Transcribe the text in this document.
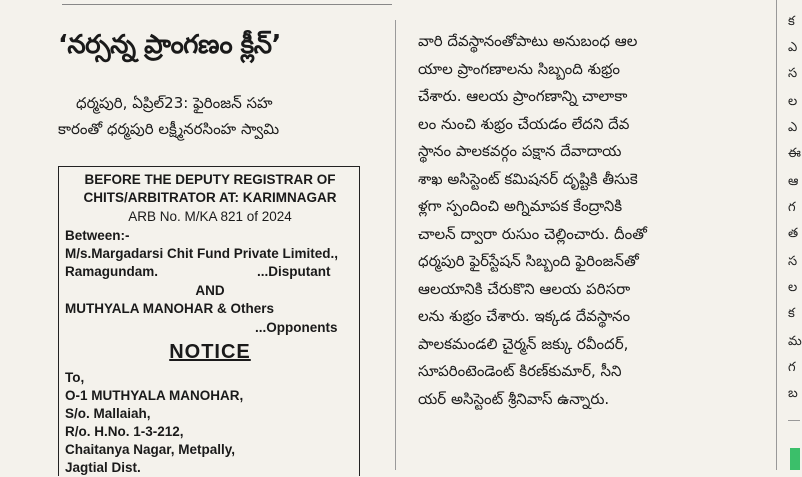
‘నర్సన్న ప్రాంగణం క్లీన్’
ధర్మపురి, ఏప్రిల్23: ఫైరింజన్ సహ
కారంతో ధర్మపురి లక్ష్మీనరసింహ స్వామి
BEFORE THE DEPUTY REGISTRAR OF
CHITS/ARBITRATOR AT: KARIMNAGAR
ARB No. M/KA 821 of 2024
Between:-
M/s.Margadarsi Chit Fund Private Limited.,
Ramagundam.	...Disputant
AND
MUTHYALA MANOHAR & Others
...Opponents
NOTICE
To,
O-1 MUTHYALA MANOHAR,
S/o. Mallaiah,
R/o. H.No. 1-3-212,
Chaitanya Nagar, Metpally,
Jagtial Dist.
వారి దేవస్థానంతోపాటు అనుబంధ ఆల
యాల ప్రాంగణాలను సిబ్బంది శుభ్రం
చేశారు. ఆలయ ప్రాంగణాన్ని చాలాకా
లం నుంచి శుభ్రం చేయడం లేదని దేవ
స్థానం పాలకవర్గం పక్షాన దేవాదాయ
శాఖ అసిస్టెంట్ కమిషనర్ దృష్టికి తీసుకె
ళ్లగా స్పందించి అగ్నిమాపక కేంద్రానికి
చాలన్ ద్వారా రుసుం చెల్లించారు. దీంతో
ధర్మపురి ఫైర్‌స్టేషన్ సిబ్బంది ఫైరింజన్‌తో
ఆలయానికి చేరుకొని ఆలయ పరిసరా
లను శుభ్రం చేశారు. ఇక్కడ దేవస్థానం
పాలకమండలి చైర్మన్ జక్కు రవీందర్,
సూపరింటెండెంట్ కిరణ్‌కుమార్, సీని
యర్ అసిస్టెంట్ శ్రీనివాస్ ఉన్నారు.
క
ఎ
స
ల
ఎ
ఈ
ఆ
గ
త
స
ల
క
మ
గ
బ
